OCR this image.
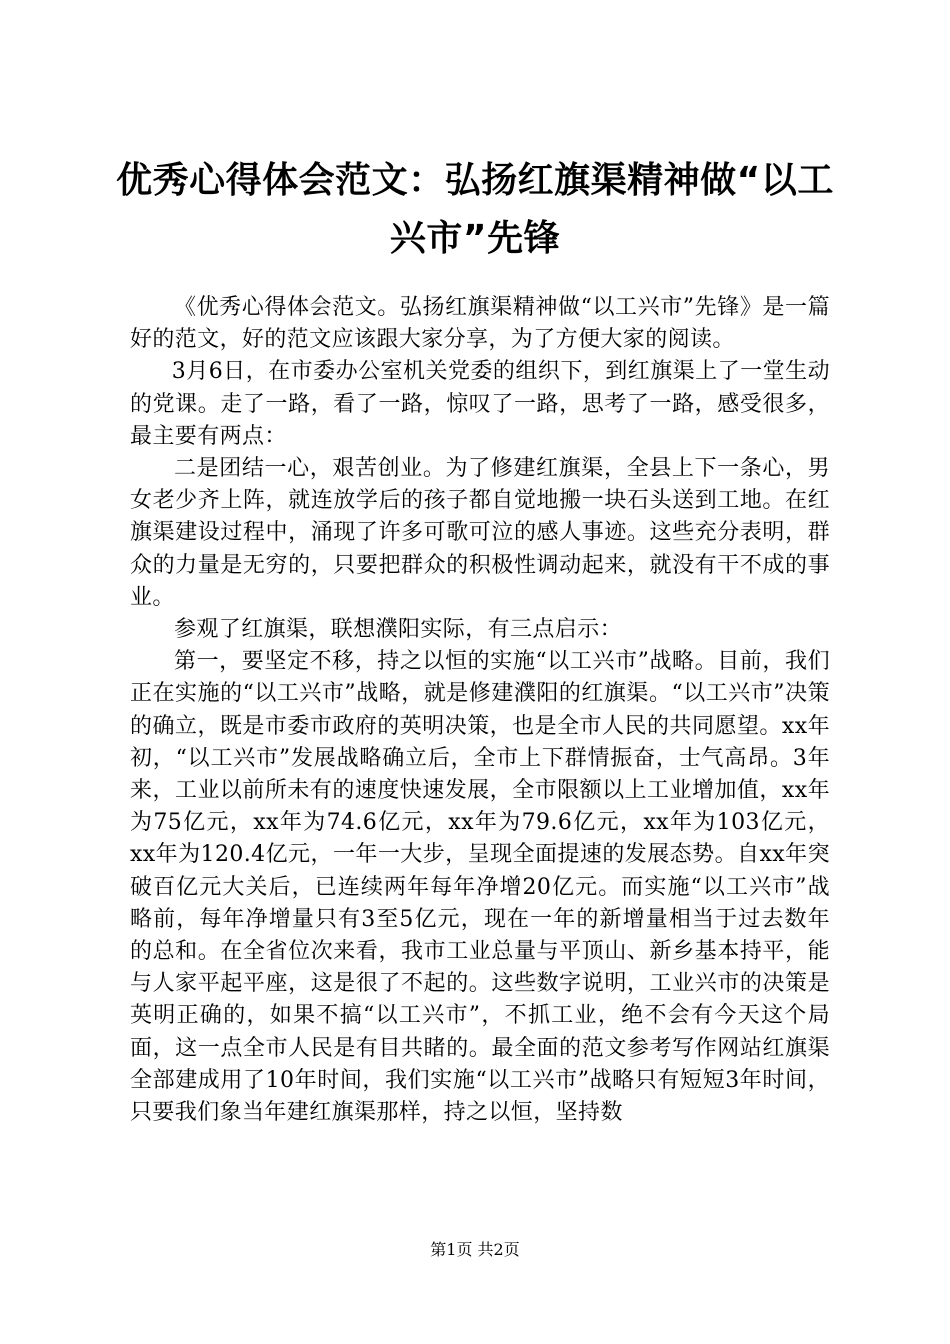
优秀心得体会范文：弘扬红旗渠精神做“以工兴市”先锋

《优秀心得体会范文。弘扬红旗渠精神做“以工兴市”先锋》是一篇好的范文，好的范文应该跟大家分享，为了方便大家的阅读。

3月6日，在市委办公室机关党委的组织下，到红旗渠上了一堂生动的党课。走了一路，看了一路，惊叹了一路，思考了一路，感受很多，最主要有两点：

二是团结一心，艰苦创业。为了修建红旗渠，全县上下一条心，男女老少齐上阵，就连放学后的孩子都自觉地搬一块石头送到工地。在红旗渠建设过程中，涌现了许多可歌可泣的感人事迹。这些充分表明，群众的力量是无穷的，只要把群众的积极性调动起来，就没有干不成的事业。

参观了红旗渠，联想濮阳实际，有三点启示：

第一，要坚定不移，持之以恒的实施“以工兴市”战略。目前，我们正在实施的“以工兴市”战略，就是修建濮阳的红旗渠。“以工兴市”决策的确立，既是市委市政府的英明决策，也是全市人民的共同愿望。xx年初，“以工兴市”发展战略确立后，全市上下群情振奋，士气高昂。3年来，工业以前所未有的速度快速发展，全市限额以上工业增加值，xx年为75亿元，xx年为74.6亿元，xx年为79.6亿元，xx年为103亿元，xx年为120.4亿元，一年一大步，呈现全面提速的发展态势。自xx年突破百亿元大关后，已连续两年每年净增20亿元。而实施“以工兴市”战略前，每年净增量只有3至5亿元，现在一年的新增量相当于过去数年的总和。在全省位次来看，我市工业总量与平顶山、新乡基本持平，能与人家平起平座，这是很了不起的。这些数字说明，工业兴市的决策是英明正确的，如果不搞“以工兴市”，不抓工业，绝不会有今天这个局面，这一点全市人民是有目共睹的。最全面的范文参考写作网站红旗渠全部建成用了10年时间，我们实施“以工兴市”战略只有短短3年时间，只要我们象当年建红旗渠那样，持之以恒，坚持数

第1页 共2页
